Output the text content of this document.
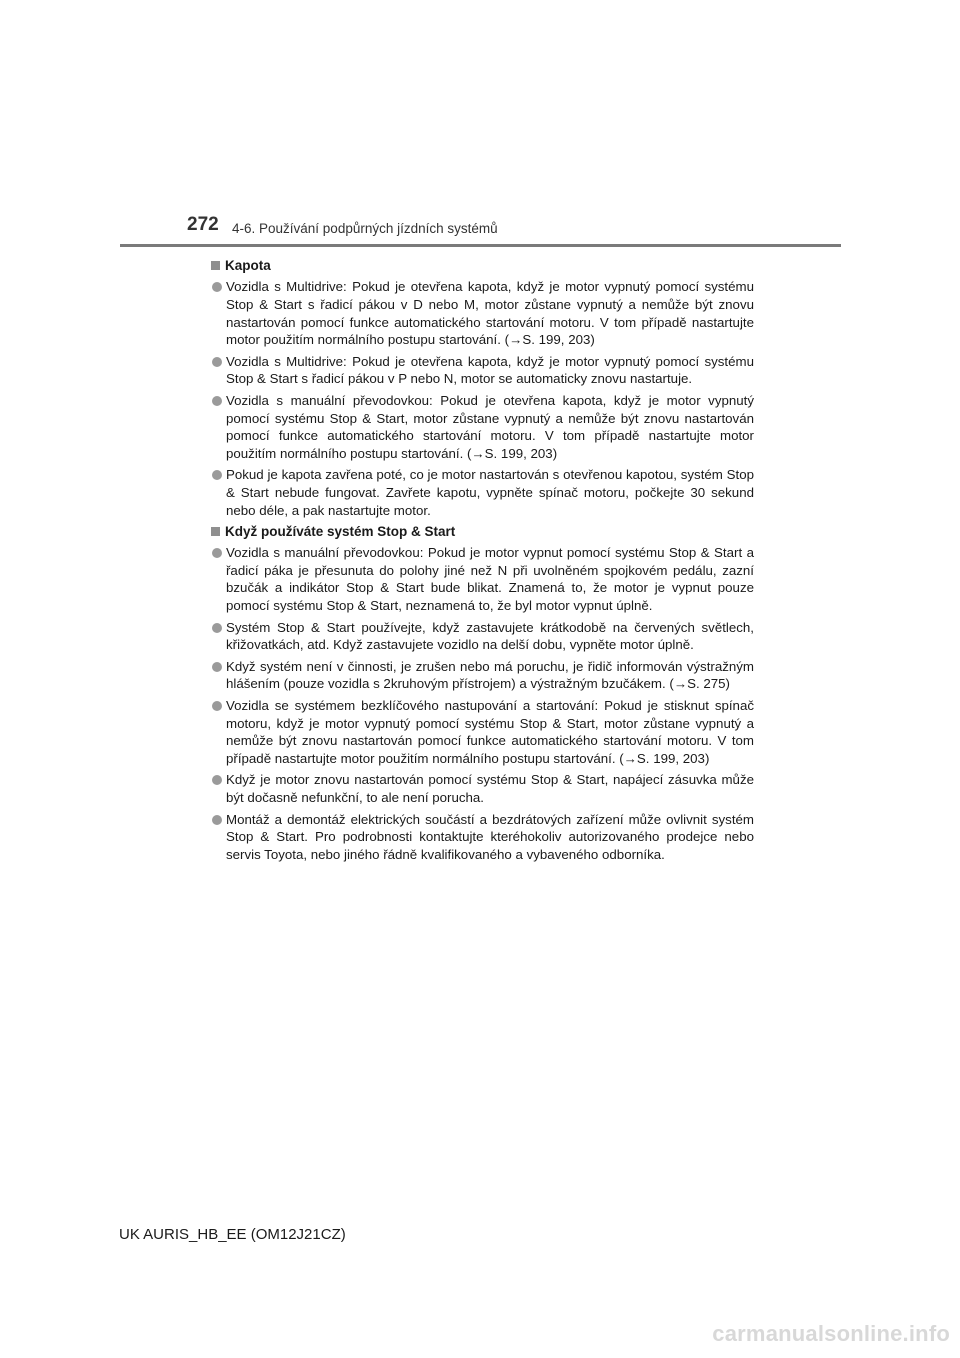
272 4-6. Používání podpůrných jízdních systémů
Kapota
Vozidla s Multidrive: Pokud je otevřena kapota, když je motor vypnutý pomocí systému Stop & Start s řadicí pákou v D nebo M, motor zůstane vypnutý a nemůže být znovu nastartován pomocí funkce automatického startování motoru. V tom případě nastartujte motor použitím normálního postupu startování. (→S. 199, 203)
Vozidla s Multidrive: Pokud je otevřena kapota, když je motor vypnutý pomocí systému Stop & Start s řadicí pákou v P nebo N, motor se automaticky znovu nastartuje.
Vozidla s manuální převodovkou: Pokud je otevřena kapota, když je motor vypnutý pomocí systému Stop & Start, motor zůstane vypnutý a nemůže být znovu nastartován pomocí funkce automatického startování motoru. V tom případě nastartujte motor použitím normálního postupu startování. (→S. 199, 203)
Pokud je kapota zavřena poté, co je motor nastartován s otevřenou kapotou, systém Stop & Start nebude fungovat. Zavřete kapotu, vypněte spínač motoru, počkejte 30 sekund nebo déle, a pak nastartujte motor.
Když používáte systém Stop & Start
Vozidla s manuální převodovkou: Pokud je motor vypnut pomocí systému Stop & Start a řadicí páka je přesunuta do polohy jiné než N při uvolněném spojkovém pedálu, zazní bzučák a indikátor Stop & Start bude blikat. Znamená to, že motor je vypnut pouze pomocí systému Stop & Start, neznamená to, že byl motor vypnut úplně.
Systém Stop & Start používejte, když zastavujete krátkodobě na červených světlech, křižovatkách, atd. Když zastavujete vozidlo na delší dobu, vypněte motor úplně.
Když systém není v činnosti, je zrušen nebo má poruchu, je řidič informován výstražným hlášením (pouze vozidla s 2kruhovým přístrojem) a výstražným bzučákem. (→S. 275)
Vozidla se systémem bezklíčového nastupování a startování: Pokud je stisknut spínač motoru, když je motor vypnutý pomocí systému Stop & Start, motor zůstane vypnutý a nemůže být znovu nastartován pomocí funkce automatického startování motoru. V tom případě nastartujte motor použitím normálního postupu startování. (→S. 199, 203)
Když je motor znovu nastartován pomocí systému Stop & Start, napájecí zásuvka může být dočasně nefunkční, to ale není porucha.
Montáž a demontáž elektrických součástí a bezdrátových zařízení může ovlivnit systém Stop & Start. Pro podrobnosti kontaktujte kteréhokoliv autorizovaného prodejce nebo servis Toyota, nebo jiného řádně kvalifikovaného a vybaveného odborníka.
UK AURIS_HB_EE (OM12J21CZ)
carmanualsonline.info
